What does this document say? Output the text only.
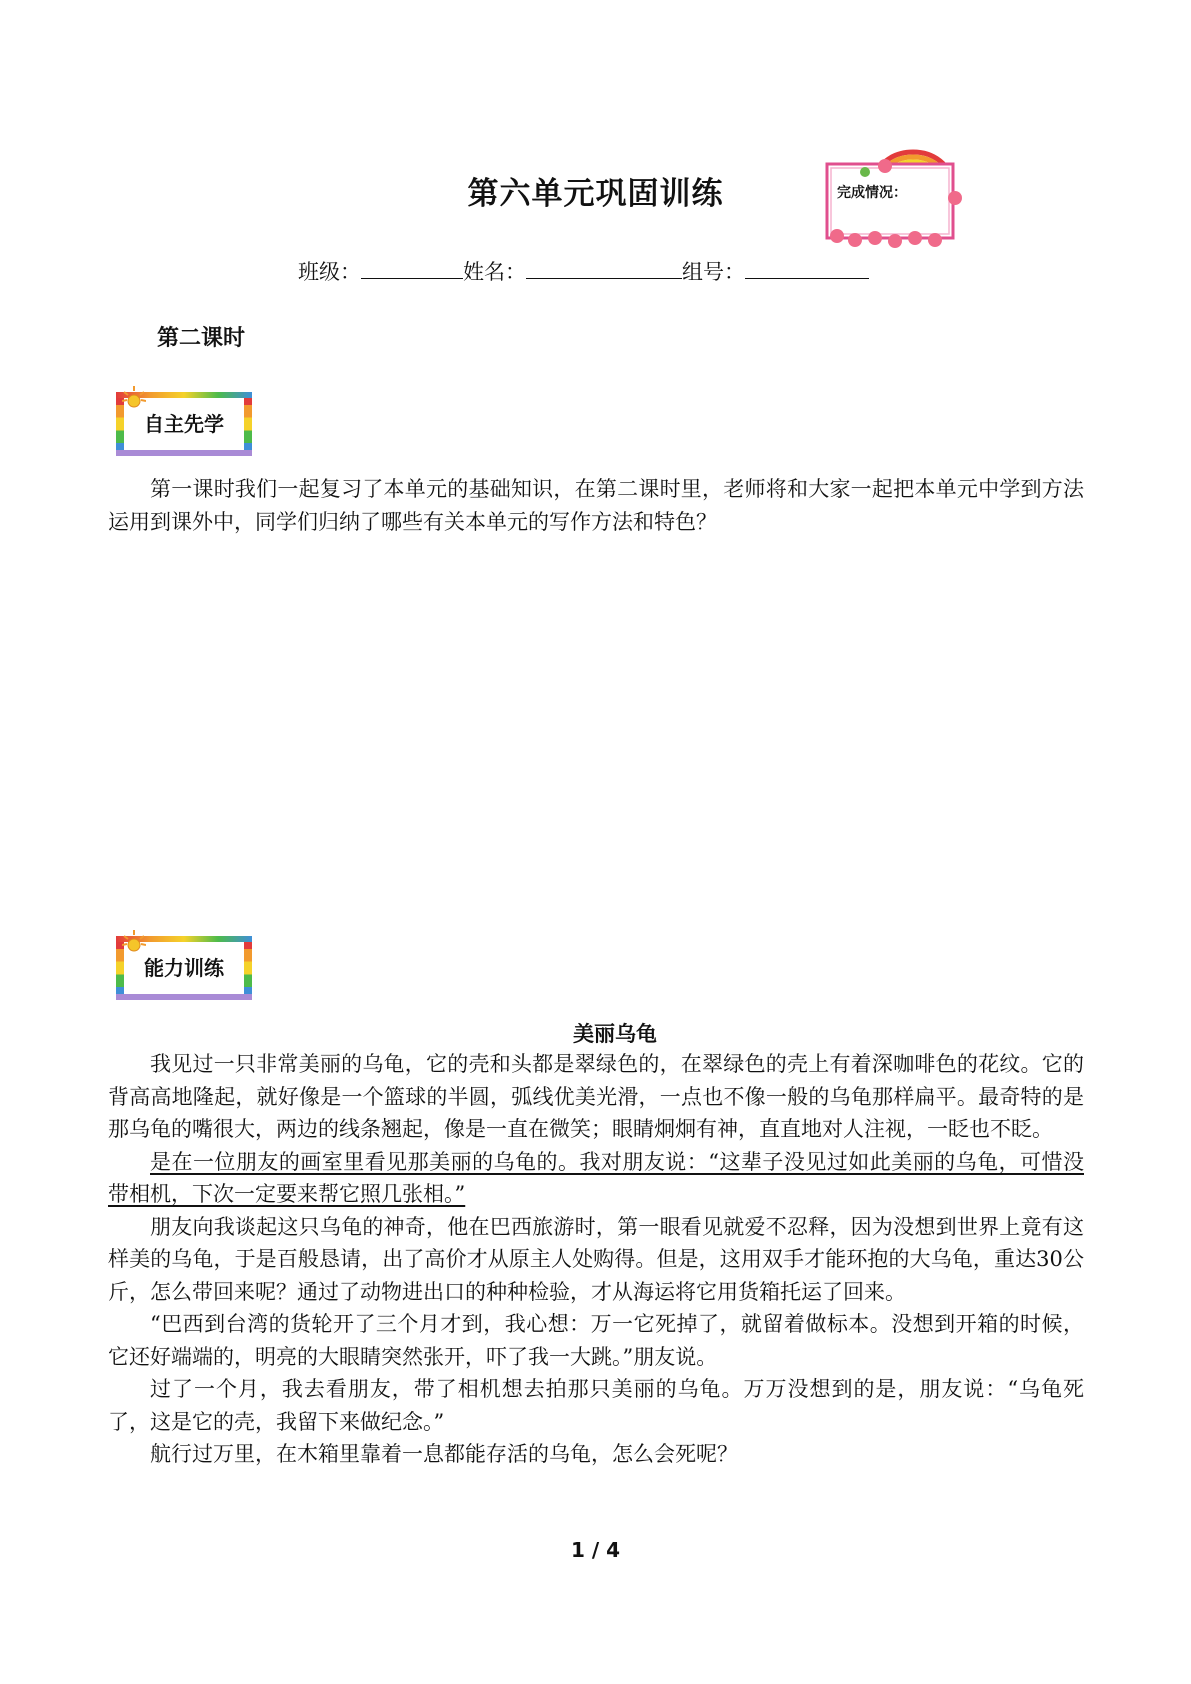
第六单元巩固训练	完成情况：
班级：	姓名：	组号：
第二课时
自主先学

第一课时我们一起复习了本单元的基础知识，在第二课时里，老师将和大家一起把本单元中学到方法运用到课外中，同学们归纳了哪些有关本单元的写作方法和特色？

能力训练
美丽乌龟

我见过一只非常美丽的乌龟，它的壳和头都是翠绿色的，在翠绿色的壳上有着深咖啡色的花纹。它的背高高地隆起，就好像是一个篮球的半圆，弧线优美光滑，一点也不像一般的乌龟那样扁平。最奇特的是那乌龟的嘴很大，两边的线条翘起，像是一直在微笑；眼睛炯炯有神，直直地对人注视，一眨也不眨。

是在一位朋友的画室里看见那美丽的乌龟的。我对朋友说：“这辈子没见过如此美丽的乌龟，可惜没带相机，下次一定要来帮它照几张相。”

朋友向我谈起这只乌龟的神奇，他在巴西旅游时，第一眼看见就爱不忍释，因为没想到世界上竟有这样美的乌龟，于是百般恳请，出了高价才从原主人处购得。但是，这用双手才能环抱的大乌龟，重达30公斤，怎么带回来呢？通过了动物进出口的种种检验，才从海运将它用货箱托运了回来。

“巴西到台湾的货轮开了三个月才到，我心想：万一它死掉了，就留着做标本。没想到开箱的时候，它还好端端的，明亮的大眼睛突然张开，吓了我一大跳。”朋友说。

过了一个月，我去看朋友，带了相机想去拍那只美丽的乌龟。万万没想到的是，朋友说：“乌龟死了，这是它的壳，我留下来做纪念。”

航行过万里，在木箱里靠着一息都能存活的乌龟，怎么会死呢？

1 / 4
